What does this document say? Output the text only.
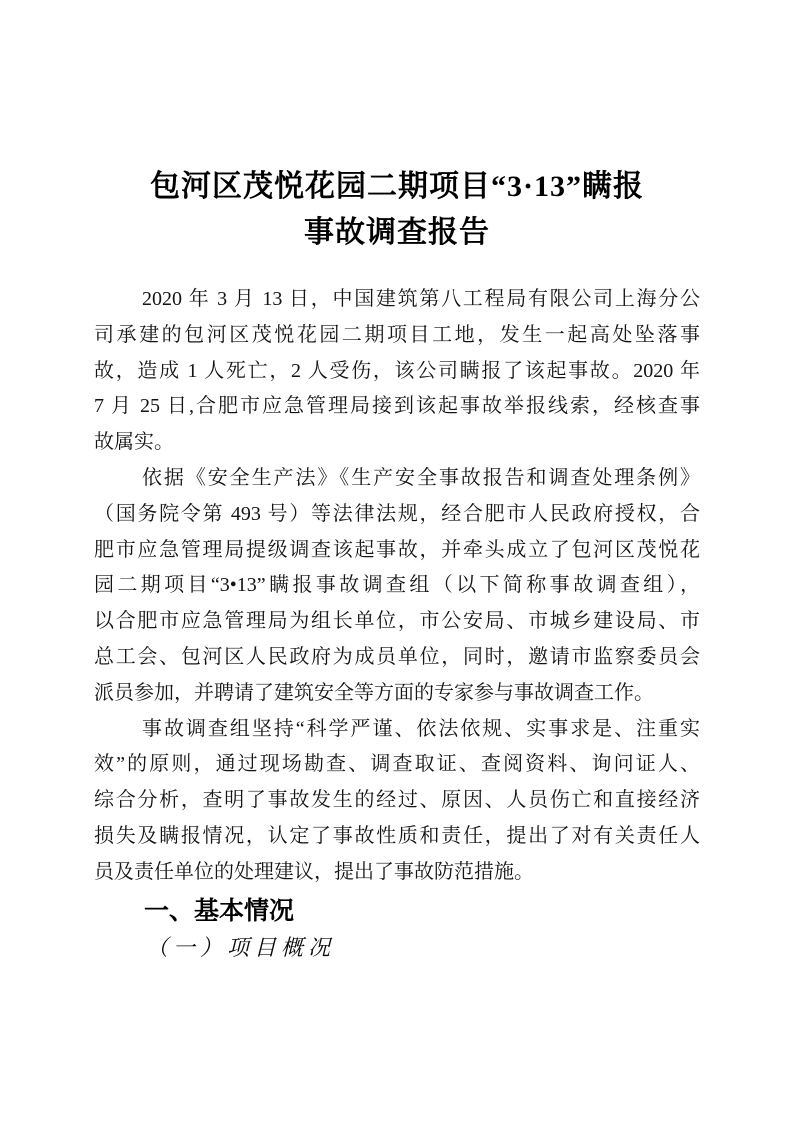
包河区茂悦花园二期项目“3·13”瞒报
事故调查报告
2020 年 3 月 13 日，中国建筑第八工程局有限公司上海分公
司承建的包河区茂悦花园二期项目工地，发生一起高处坠落事
故，造成 1 人死亡，2 人受伤，该公司瞒报了该起事故。2020 年
7 月 25 日,合肥市应急管理局接到该起事故举报线索，经核查事
故属实。
依据《安全生产法》《生产安全事故报告和调查处理条例》
（国务院令第 493 号）等法律法规，经合肥市人民政府授权，合
肥市应急管理局提级调查该起事故，并牵头成立了包河区茂悦花
园二期项目“3•13”瞒报事故调查组（以下简称事故调查组），
以合肥市应急管理局为组长单位，市公安局、市城乡建设局、市
总工会、包河区人民政府为成员单位，同时，邀请市监察委员会
派员参加，并聘请了建筑安全等方面的专家参与事故调查工作。
事故调查组坚持“科学严谨、依法依规、实事求是、注重实
效”的原则，通过现场勘查、调查取证、查阅资料、询问证人、
综合分析，查明了事故发生的经过、原因、人员伤亡和直接经济
损失及瞒报情况，认定了事故性质和责任，提出了对有关责任人
员及责任单位的处理建议，提出了事故防范措施。
一、基本情况
（一）项目概况
